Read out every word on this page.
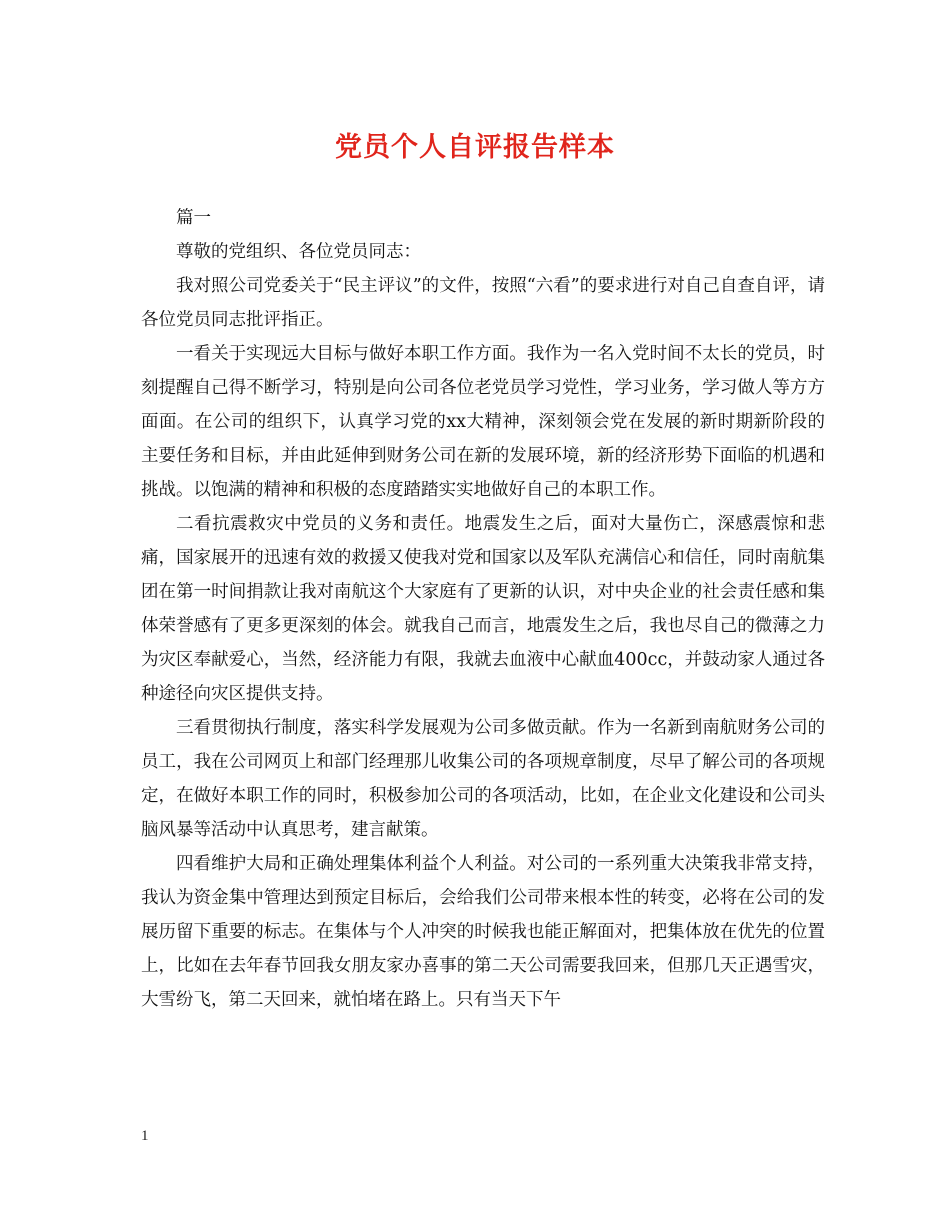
党员个人自评报告样本

篇一

尊敬的党组织、各位党员同志：

我对照公司党委关于“民主评议”的文件，按照“六看”的要求进行对自己自查自评，请各位党员同志批评指正。

一看关于实现远大目标与做好本职工作方面。我作为一名入党时间不太长的党员，时刻提醒自己得不断学习，特别是向公司各位老党员学习党性，学习业务，学习做人等方方面面。在公司的组织下，认真学习党的xx大精神，深刻领会党在发展的新时期新阶段的主要任务和目标，并由此延伸到财务公司在新的发展环境，新的经济形势下面临的机遇和挑战。以饱满的精神和积极的态度踏踏实实地做好自己的本职工作。

二看抗震救灾中党员的义务和责任。地震发生之后，面对大量伤亡，深感震惊和悲痛，国家展开的迅速有效的救援又使我对党和国家以及军队充满信心和信任，同时南航集团在第一时间捐款让我对南航这个大家庭有了更新的认识，对中央企业的社会责任感和集体荣誉感有了更多更深刻的体会。就我自己而言，地震发生之后，我也尽自己的微薄之力为灾区奉献爱心，当然，经济能力有限，我就去血液中心献血400cc，并鼓动家人通过各种途径向灾区提供支持。

三看贯彻执行制度，落实科学发展观为公司多做贡献。作为一名新到南航财务公司的员工，我在公司网页上和部门经理那儿收集公司的各项规章制度，尽早了解公司的各项规定，在做好本职工作的同时，积极参加公司的各项活动，比如，在企业文化建设和公司头脑风暴等活动中认真思考，建言献策。

四看维护大局和正确处理集体利益个人利益。对公司的一系列重大决策我非常支持，我认为资金集中管理达到预定目标后，会给我们公司带来根本性的转变，必将在公司的发展历留下重要的标志。在集体与个人冲突的时候我也能正解面对，把集体放在优先的位置上，比如在去年春节回我女朋友家办喜事的第二天公司需要我回来，但那几天正遇雪灾，大雪纷飞，第二天回来，就怕堵在路上。只有当天下午

1
